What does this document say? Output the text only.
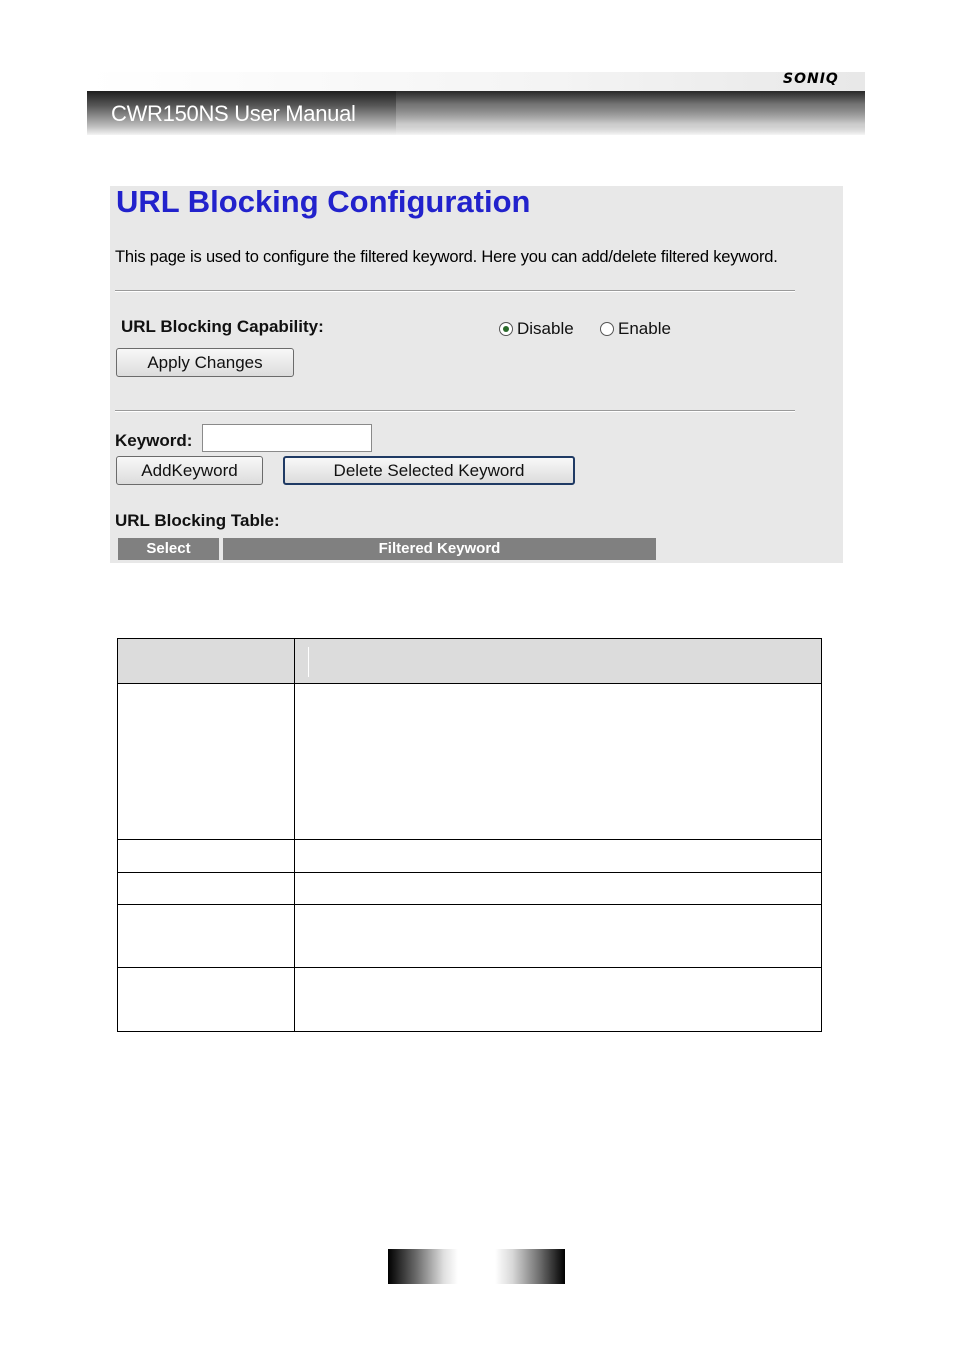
SONIQ
CWR150NS User Manual
URL Blocking Configuration
This page is used to configure the filtered keyword. Here you can add/delete filtered keyword.
URL Blocking Capability:	Disable	Enable
Apply Changes
Keyword:
AddKeyword	Delete Selected Keyword
URL Blocking Table:
Select	Filtered Keyword
